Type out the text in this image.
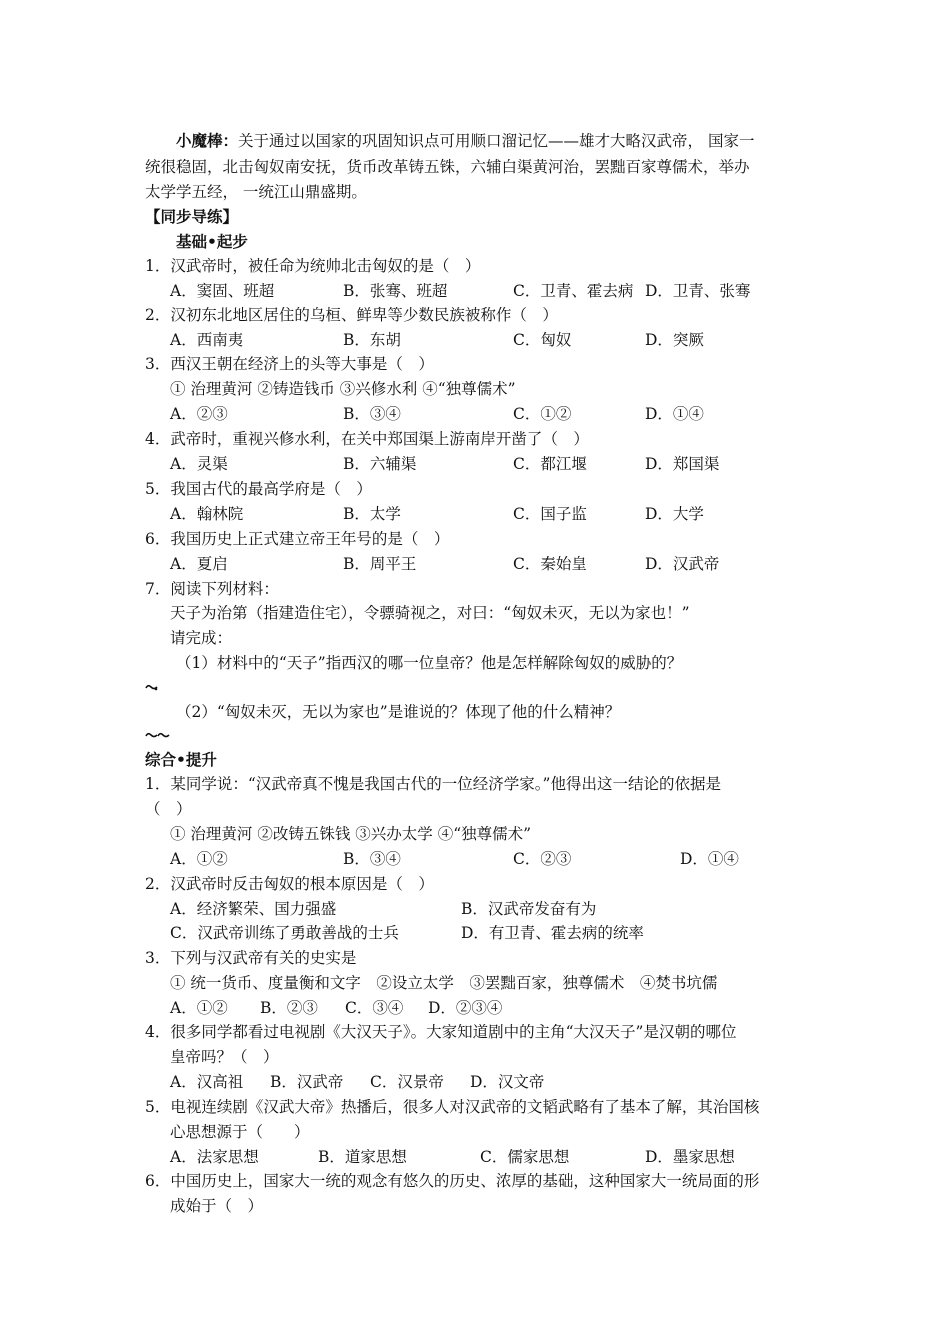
小魔棒：关于通过以国家的巩固知识点可用顺口溜记忆——雄才大略汉武帝， 国家一
统很稳固，北击匈奴南安抚，货币改革铸五铢，六辅白渠黄河治，罢黜百家尊儒术，举办
太学学五经， 一统江山鼎盛期。
【同步导练】
基础•起步
1．汉武帝时，被任命为统帅北击匈奴的是（　）
A．窦固、班超	B．张骞、班超	C．卫青、霍去病 D．卫青、张骞
2．汉初东北地区居住的乌桓、鲜卑等少数民族被称作（　）
A．西南夷	B．东胡	C．匈奴	D．突厥
3．西汉王朝在经济上的头等大事是（　）
① 治理黄河 ②铸造钱币 ③兴修水利 ④“独尊儒术”
A．②③	B．③④	C．①②	D．①④
4．武帝时，重视兴修水利，在关中郑国渠上游南岸开凿了（　）
A．灵渠	B．六辅渠	C．都江堰	D．郑国渠
5．我国古代的最高学府是（　）
A．翰林院	B．太学	C．国子监	D．大学
6．我国历史上正式建立帝王年号的是（　）
A．夏启	B．周平王	C．秦始皇	D．汉武帝
7．阅读下列材料：
天子为治第（指建造住宅），令骠骑视之，对曰：“匈奴未灭，无以为家也！”
请完成：
（1）材料中的“天子”指西汉的哪一位皇帝？他是怎样解除匈奴的威胁的？
（2）“匈奴未灭，无以为家也”是谁说的？体现了他的什么精神？
综合•提升
1．某同学说：“汉武帝真不愧是我国古代的一位经济学家。”他得出这一结论的依据是
（　）
① 治理黄河 ②改铸五铢钱 ③兴办太学 ④“独尊儒术”
A．①②	B．③④	C．②③	D．①④
2．汉武帝时反击匈奴的根本原因是（　）
A．经济繁荣、国力强盛	B．汉武帝发奋有为
C．汉武帝训练了勇敢善战的士兵	D．有卫青、霍去病的统率
3．下列与汉武帝有关的史实是
① 统一货币、度量衡和文字　②设立太学　③罢黜百家，独尊儒术　④焚书坑儒
A．①② B．②③ C．③④ D．②③④
4．很多同学都看过电视剧《大汉天子》。大家知道剧中的主角“大汉天子”是汉朝的哪位
皇帝吗？（　）
A．汉高祖 B．汉武帝 C．汉景帝 D．汉文帝
5．电视连续剧《汉武大帝》热播后，很多人对汉武帝的文韬武略有了基本了解，其治国核
心思想源于（　　）
A．法家思想	B．道家思想	C．儒家思想	D．墨家思想
6．中国历史上，国家大一统的观念有悠久的历史、浓厚的基础，这种国家大一统局面的形
成始于（　）
